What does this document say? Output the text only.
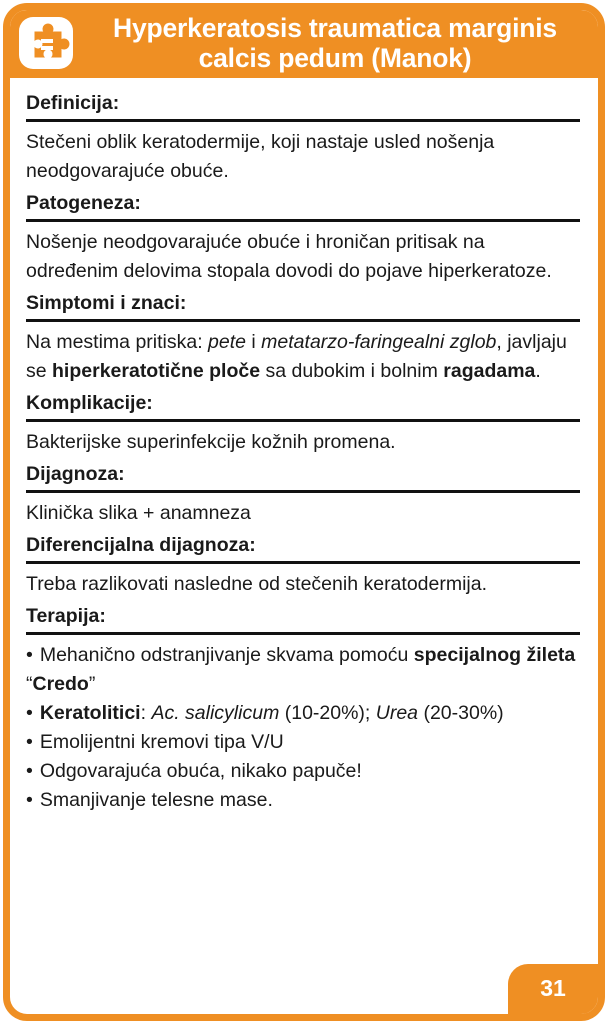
Hyperkeratosis traumatica marginis
calcis pedum (Manok)
Definicija:
Stečeni oblik keratodermije, koji nastaje usled nošenja neodgovarajuće obuće.
Patogeneza:
Nošenje neodgovarajuće obuće i hroničan pritisak na određenim delovima stopala dovodi do pojave hiperkeratoze.
Simptomi i znaci:
Na mestima pritiska: pete i metatarzo-faringealni zglob, javljaju se hiperkeratotične ploče sa dubokim i bolnim ragadama.
Komplikacije:
Bakterijske superinfekcije kožnih promena.
Dijagnoza:
Klinička slika + anamneza
Diferencijalna dijagnoza:
Treba razlikovati nasledne od stečenih keratodermija.
Terapija:
• Mehanično odstranjivanje skvama pomoću specijalnog žileta “Credo”
• Keratolitici: Ac. salicylicum (10-20%); Urea (20-30%)
• Emolijentni kremovi tipa V/U
• Odgovarajuća obuća, nikako papuče!
• Smanjivanje telesne mase.
31
